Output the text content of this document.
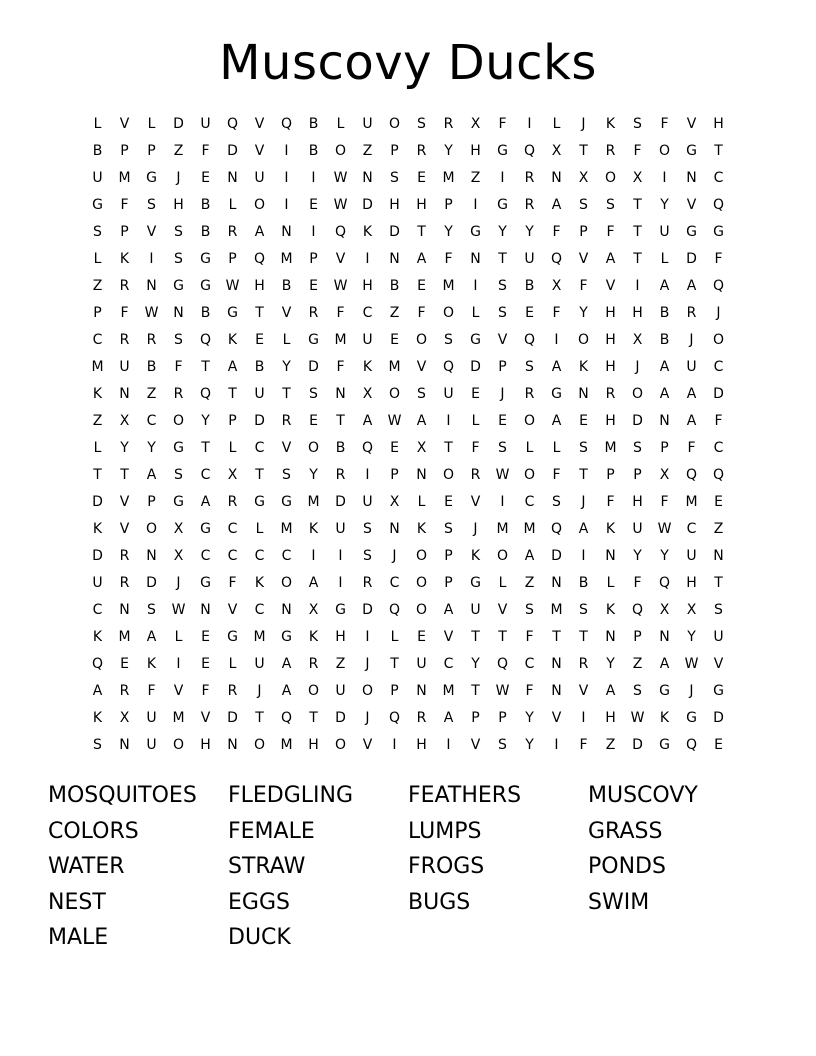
Muscovy Ducks
L	V	L	D	U	Q	V	Q	B	L	U	O	S	R	X	F	I	L	J	K	S	F	V	H
B	P	P	Z	F	D	V	I	B	O	Z	P	R	Y	H	G	Q	X	T	R	F	O	G	T
U	M	G	J	E	N	U	I	I	W	N	S	E	M	Z	I	R	N	X	O	X	I	N	C
G	F	S	H	B	L	O	I	E	W	D	H	H	P	I	G	R	A	S	S	T	Y	V	Q
S	P	V	S	B	R	A	N	I	Q	K	D	T	Y	G	Y	Y	F	P	F	T	U	G	G
L	K	I	S	G	P	Q	M	P	V	I	N	A	F	N	T	U	Q	V	A	T	L	D	F
Z	R	N	G	G	W	H	B	E	W	H	B	E	M	I	S	B	X	F	V	I	A	A	Q
P	F	W	N	B	G	T	V	R	F	C	Z	F	O	L	S	E	F	Y	H	H	B	R	J
C	R	R	S	Q	K	E	L	G	M	U	E	O	S	G	V	Q	I	O	H	X	B	J	O
M	U	B	F	T	A	B	Y	D	F	K	M	V	Q	D	P	S	A	K	H	J	A	U	C
K	N	Z	R	Q	T	U	T	S	N	X	O	S	U	E	J	R	G	N	R	O	A	A	D
Z	X	C	O	Y	P	D	R	E	T	A	W	A	I	L	E	O	A	E	H	D	N	A	F
L	Y	Y	G	T	L	C	V	O	B	Q	E	X	T	F	S	L	L	S	M	S	P	F	C
T	T	A	S	C	X	T	S	Y	R	I	P	N	O	R	W	O	F	T	P	P	X	Q	Q
D	V	P	G	A	R	G	G	M	D	U	X	L	E	V	I	C	S	J	F	H	F	M	E
K	V	O	X	G	C	L	M	K	U	S	N	K	S	J	M	M	Q	A	K	U	W	C	Z
D	R	N	X	C	C	C	C	I	I	S	J	O	P	K	O	A	D	I	N	Y	Y	U	N
U	R	D	J	G	F	K	O	A	I	R	C	O	P	G	L	Z	N	B	L	F	Q	H	T
C	N	S	W	N	V	C	N	X	G	D	Q	O	A	U	V	S	M	S	K	Q	X	X	S
K	M	A	L	E	G	M	G	K	H	I	L	E	V	T	T	F	T	T	N	P	N	Y	U
Q	E	K	I	E	L	U	A	R	Z	J	T	U	C	Y	Q	C	N	R	Y	Z	A	W	V
A	R	F	V	F	R	J	A	O	U	O	P	N	M	T	W	F	N	V	A	S	G	J	G
K	X	U	M	V	D	T	Q	T	D	J	Q	R	A	P	P	Y	V	I	H	W	K	G	D
S	N	U	O	H	N	O	M	H	O	V	I	H	I	V	S	Y	I	F	Z	D	G	Q	E
MOSQUITOES	FLEDGLING	FEATHERS	MUSCOVY
COLORS	FEMALE	LUMPS	GRASS
WATER	STRAW	FROGS	PONDS
NEST	EGGS	BUGS	SWIM
MALE	DUCK
